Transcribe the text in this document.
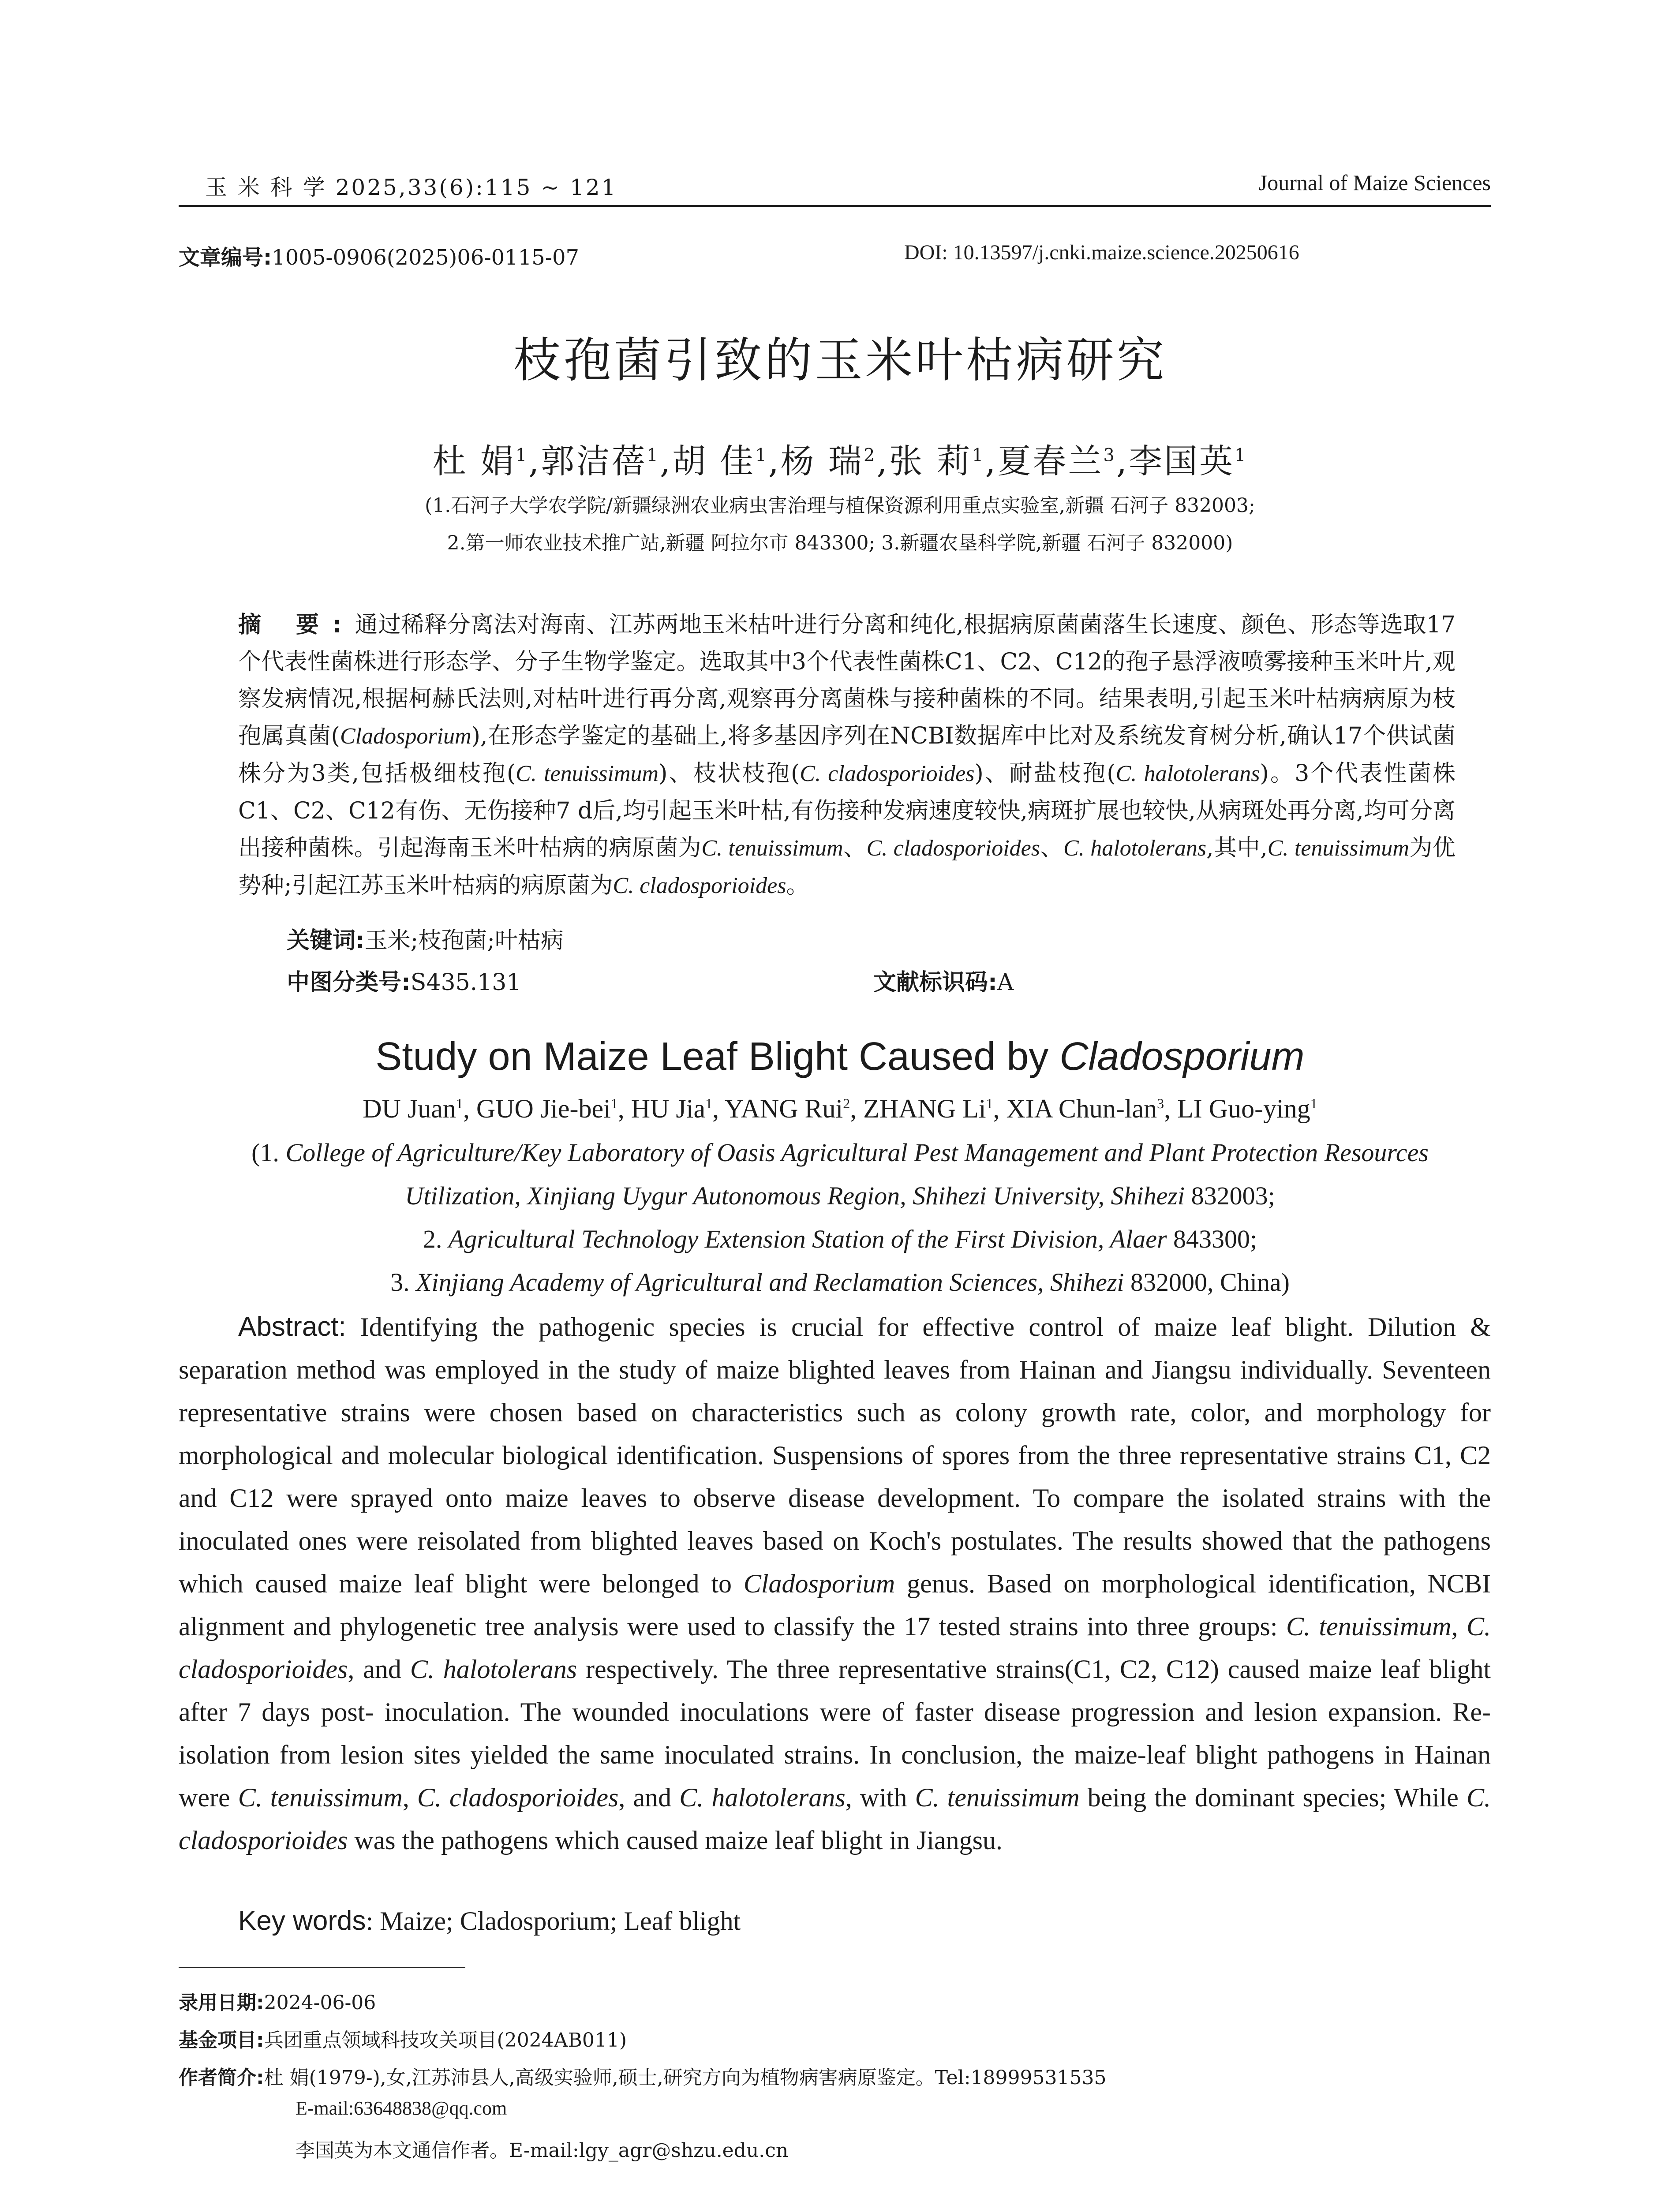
玉 米 科 学 2025,33(6):115 ~ 121	Journal of Maize Sciences
文章编号:1005-0906(2025)06-0115-07	DOI: 10.13597/j.cnki.maize.science.20250616
枝孢菌引致的玉米叶枯病研究
杜 娟$^1$,郭洁蓓$^1$,胡 佳$^1$,杨 瑞$^2$,张 莉$^1$,夏春兰$^3$,李国英$^1$
(1.石河子大学农学院/新疆绿洲农业病虫害治理与植保资源利用重点实验室,新疆 石河子 832003;
2.第一师农业技术推广站,新疆 阿拉尔市 843300; 3.新疆农垦科学院,新疆 石河子 832000)
摘 要:通过稀释分离法对海南、江苏两地玉米枯叶进行分离和纯化,根据病原菌菌落生长速度、颜色、形态等选取17个代表性菌株进行形态学、分子生物学鉴定。选取其中3个代表性菌株C1、C2、C12的孢子悬浮液喷雾接种玉米叶片,观察发病情况,根据柯赫氏法则,对枯叶进行再分离,观察再分离菌株与接种菌株的不同。结果表明,引起玉米叶枯病病原为枝孢属真菌(Cladosporium),在形态学鉴定的基础上,将多基因序列在NCBI数据库中比对及系统发育树分析,确认17个供试菌株分为3类,包括极细枝孢(C. tenuissimum)、枝状枝孢(C. cladosporioides)、耐盐枝孢(C. halotolerans)。3个代表性菌株C1、C2、C12有伤、无伤接种7 d后,均引起玉米叶枯,有伤接种发病速度较快,病斑扩展也较快,从病斑处再分离,均可分离出接种菌株。引起海南玉米叶枯病的病原菌为C. tenuissimum、C. cladosporioides、C. halotolerans,其中,C. tenuissimum为优势种;引起江苏玉米叶枯病的病原菌为C. cladosporioides。
关键词:玉米;枝孢菌;叶枯病
中图分类号:S435.131	文献标识码:A
Study on Maize Leaf Blight Caused by Cladosporium
DU Juan$^1$, GUO Jie-bei$^1$, HU Jia$^1$, YANG Rui$^2$, ZHANG Li$^1$, XIA Chun-lan$^3$, LI Guo-ying$^1$
(1. College of Agriculture/Key Laboratory of Oasis Agricultural Pest Management and Plant Protection Resources
Utilization, Xinjiang Uygur Autonomous Region, Shihezi University, Shihezi 832003;
2. Agricultural Technology Extension Station of the First Division, Alaer 843300;
3. Xinjiang Academy of Agricultural and Reclamation Sciences, Shihezi 832000, China)
Abstract: Identifying the pathogenic species is crucial for effective control of maize leaf blight. Dilution & separation method was employed in the study of maize blighted leaves from Hainan and Jiangsu individually. Seventeen representative strains were chosen based on characteristics such as colony growth rate, color, and morphology for morphological and molecular biological identification. Suspensions of spores from the three representative strains C1, C2 and C12 were sprayed onto maize leaves to observe disease development. To compare the isolated strains with the inoculated ones were reisolated from blighted leaves based on Koch's postulates. The results showed that the pathogens which caused maize leaf blight were belonged to Cladosporium genus. Based on morphological identification, NCBI alignment and phylogenetic tree analysis were used to classify the 17 tested strains into three groups: C. tenuissimum, C. cladosporioides, and C. halotolerans respectively. The three representative strains(C1, C2, C12) caused maize leaf blight after 7 days post- inoculation. The wounded inoculations were of faster disease progression and lesion expansion. Re-isolation from lesion sites yielded the same inoculated strains. In conclusion, the maize-leaf blight pathogens in Hainan were C. tenuissimum, C. cladosporioides, and C. halotolerans, with C. tenuissimum being the dominant species; While C. cladosporioides was the pathogens which caused maize leaf blight in Jiangsu.
Key words: Maize; Cladosporium; Leaf blight
录用日期:2024-06-06
基金项目:兵团重点领域科技攻关项目(2024AB011)
作者简介:杜 娟(1979-),女,江苏沛县人,高级实验师,硕士,研究方向为植物病害病原鉴定。Tel:18999531535
E-mail:63648838@qq.com
李国英为本文通信作者。E-mail:lgy_agr@shzu.edu.cn
